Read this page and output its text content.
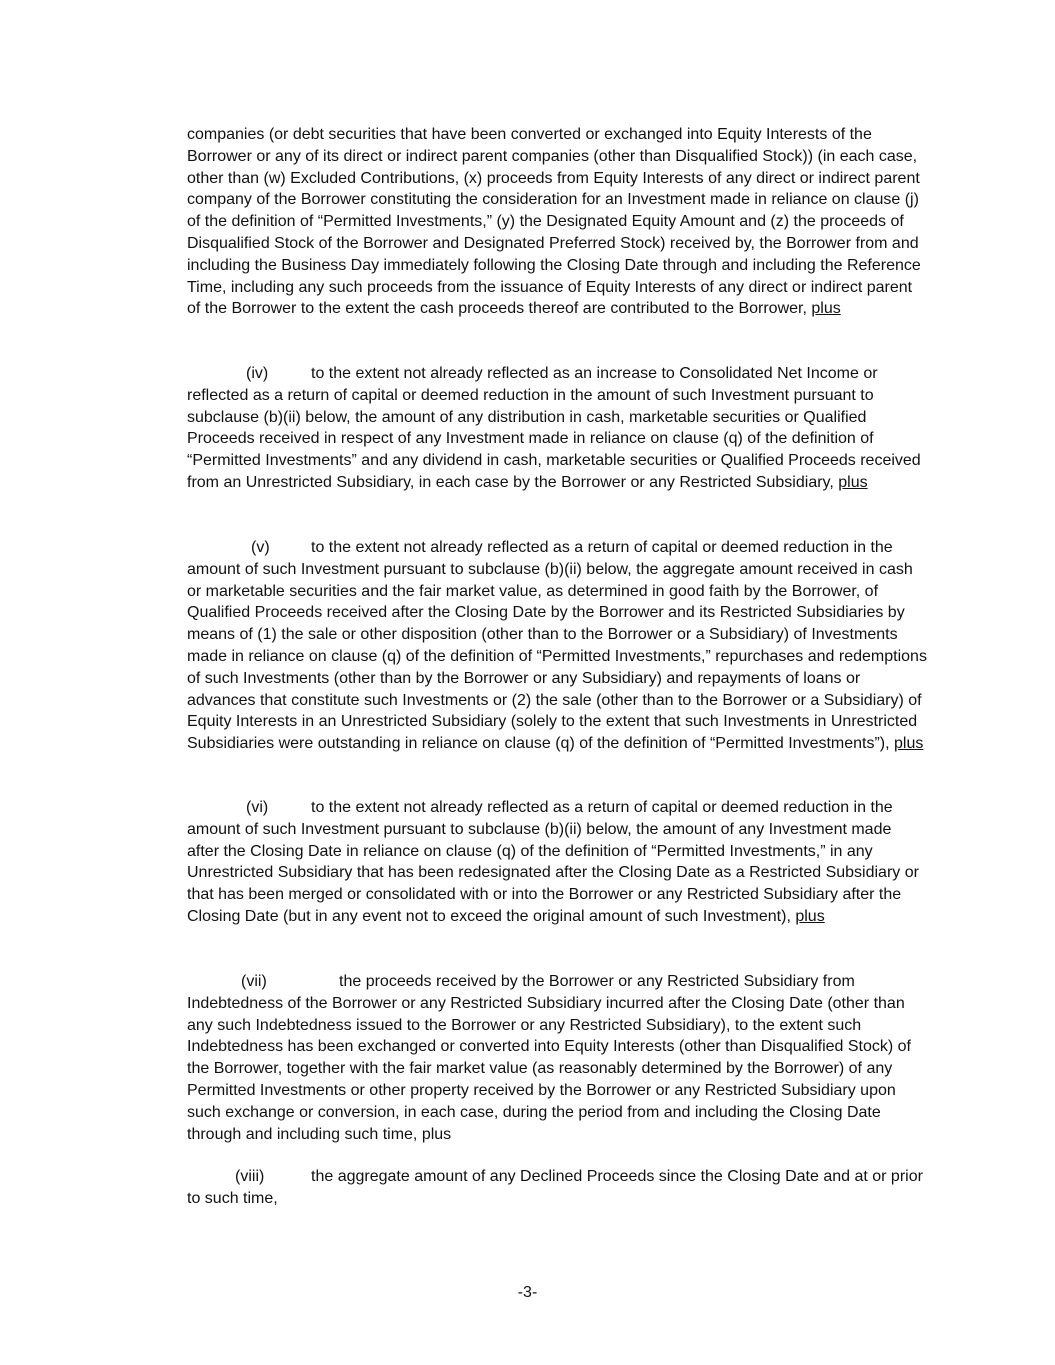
companies (or debt securities that have been converted or exchanged into Equity Interests of the Borrower or any of its direct or indirect parent companies (other than Disqualified Stock)) (in each case, other than (w) Excluded Contributions, (x) proceeds from Equity Interests of any direct or indirect parent company of the Borrower constituting the consideration for an Investment made in reliance on clause (j) of the definition of “Permitted Investments,” (y) the Designated Equity Amount and (z) the proceeds of Disqualified Stock of the Borrower and Designated Preferred Stock) received by, the Borrower from and including the Business Day immediately following the Closing Date through and including the Reference Time, including any such proceeds from the issuance of Equity Interests of any direct or indirect parent of the Borrower to the extent the cash proceeds thereof are contributed to the Borrower, plus

(iv)	to the extent not already reflected as an increase to Consolidated Net Income or reflected as a return of capital or deemed reduction in the amount of such Investment pursuant to subclause (b)(ii) below, the amount of any distribution in cash, marketable securities or Qualified Proceeds received in respect of any Investment made in reliance on clause (q) of the definition of “Permitted Investments” and any dividend in cash, marketable securities or Qualified Proceeds received from an Unrestricted Subsidiary, in each case by the Borrower or any Restricted Subsidiary, plus

(v)	to the extent not already reflected as a return of capital or deemed reduction in the amount of such Investment pursuant to subclause (b)(ii) below, the aggregate amount received in cash or marketable securities and the fair market value, as determined in good faith by the Borrower, of Qualified Proceeds received after the Closing Date by the Borrower and its Restricted Subsidiaries by means of (1) the sale or other disposition (other than to the Borrower or a Subsidiary) of Investments made in reliance on clause (q) of the definition of “Permitted Investments,” repurchases and redemptions of such Investments (other than by the Borrower or any Subsidiary) and repayments of loans or advances that constitute such Investments or (2) the sale (other than to the Borrower or a Subsidiary) of Equity Interests in an Unrestricted Subsidiary (solely to the extent that such Investments in Unrestricted Subsidiaries were outstanding in reliance on clause (q) of the definition of “Permitted Investments”), plus

(vi)	to the extent not already reflected as a return of capital or deemed reduction in the amount of such Investment pursuant to subclause (b)(ii) below, the amount of any Investment made after the Closing Date in reliance on clause (q) of the definition of “Permitted Investments,” in any Unrestricted Subsidiary that has been redesignated after the Closing Date as a Restricted Subsidiary or that has been merged or consolidated with or into the Borrower or any Restricted Subsidiary after the Closing Date (but in any event not to exceed the original amount of such Investment), plus

(vii)	the proceeds received by the Borrower or any Restricted Subsidiary from Indebtedness of the Borrower or any Restricted Subsidiary incurred after the Closing Date (other than any such Indebtedness issued to the Borrower or any Restricted Subsidiary), to the extent such Indebtedness has been exchanged or converted into Equity Interests (other than Disqualified Stock) of the Borrower, together with the fair market value (as reasonably determined by the Borrower) of any Permitted Investments or other property received by the Borrower or any Restricted Subsidiary upon such exchange or conversion, in each case, during the period from and including the Closing Date through and including such time, plus

(viii)	the aggregate amount of any Declined Proceeds since the Closing Date and at or prior to such time,

-3-
